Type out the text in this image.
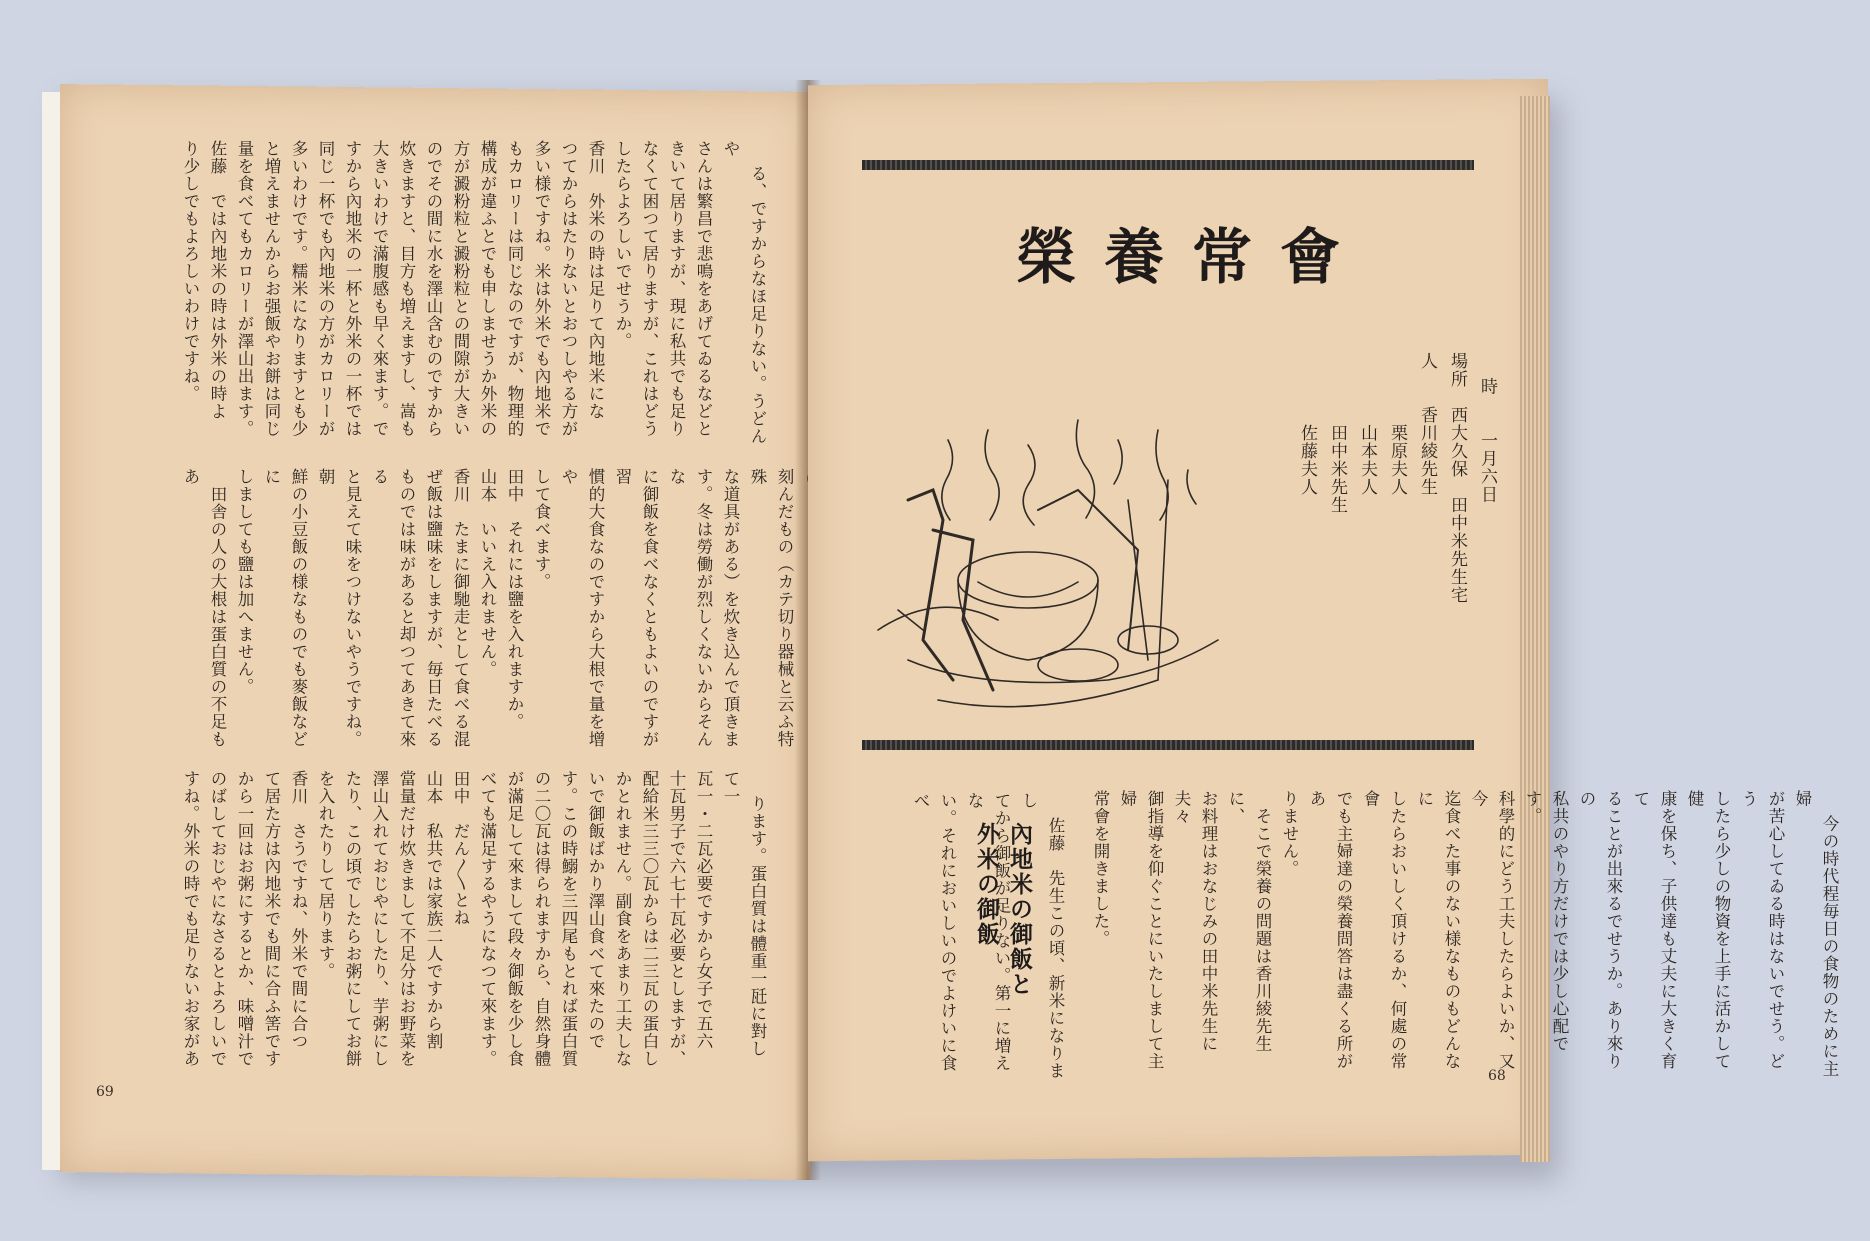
る、ですからなほ足りない。うどんや
さんは繁昌で悲鳴をあげてゐるなどと
きいて居りますが、現に私共でも足り
なくて困つて居りますが、これはどう
したらよろしいでせうか。
香川　外米の時は足りて內地米にな
つてからはたりないとおつしやる方が
多い様ですね。米は外米でも內地米で
もカロリーは同じなのですが、物理的
構成が違ふとでも申しませうか外米の
方が澱粉粒と澱粉粒との間隙が大きい
のでその間に水を澤山含むのですから
炊きますと、目方も増えますし、嵩も
大きいわけで滿腹感も早く來ます。で
すから內地米の一杯と外米の一杯では
同じ一杯でも內地米の方がカロリーが
多いわけです。糯米になりますとも少
と増えませんからお强飯やお餅は同じ
量を食べてもカロリーが澤山出ます。
佐藤　では內地米の時は外米の時よ
り少しでもよろしいわけですね。

刻んだもの（カテ切り器械と云ふ特殊
な道具がある）を炊き込んで頂きま
す。冬は勞働が烈しくないからそんな
に御飯を食べなくともよいのですが習
慣的大食なのですから大根で量を增や
して食べます。
田中　それには鹽を入れますか。
山本　いいえ入れません。
香川　たまに御馳走として食べる混
ぜ飯は鹽味をしますが、毎日たべる
ものでは味があると却つてあきて來る
と見えて味をつけないやうですね。朝
鮮の小豆飯の様なものでも麥飯などに
しましても鹽は加へません。
　田舎の人の大根は蛋白質の不足もあ

ります。蛋白質は體重一瓩に對して一
瓦一・二瓦必要ですから女子で五六
十瓦男子で六七十瓦必要としますが、
配給米三三〇瓦からは二三瓦の蛋白し
かとれません。副食をあまり工夫しな
いで御飯ばかり澤山食べて來たので
す。この時鰯を三四尾もとれば蛋白質
の二〇瓦は得られますから、自然身體
が滿足して來まして段々御飯を少し食
べても滿足するやうになつて來ます。
田中　だん〳〵とね
山本　私共では家族二人ですから割
當量だけ炊きまして不足分はお野菜を
澤山入れておじやにしたり、芋粥にし
たり、この頃でしたらお粥にしてお餅
を入れたりして居ります。
香川　さうですね、外米で間に合つ
て居た方は內地米でも間に合ふ筈です
から一回はお粥にするとか、味噌汁で
のばしておじやになさるとよろしいで
すね。外米の時でも足りないお家があ

69
榮養常會

時　　一月六日
場所　西大久保　田中米先生宅
人　　香川綾先生
　　　　栗原夫人
　　　　山本夫人
　　　　田中米先生
　　　　佐藤夫人

今の時代程毎日の食物のために主婦
が苦心してゐる時はないでせう。どう
したら少しの物資を上手に活かして健
康を保ち、子供達も丈夫に大きく育て
ることが出來るでせうか。あり來りの
私共のやり方だけでは少し心配です。
科學的にどう工夫したらよいか、又今
迄食べた事のない様なものもどんなに
したらおいしく頂けるか、何處の常會
でも主婦達の榮養問答は盡くる所があ
りません。
　そこで榮養の問題は香川綾先生に、
お料理はおなじみの田中米先生に夫々
御指導を仰ぐことにいたしまして主婦
常會を開きました。

內地米の御飯と外米の御飯	佐藤　先生この頃、新米になりまし
てから御飯が足りない。第一に増えな
い。それにおいしいのでよけいに食べ

68
